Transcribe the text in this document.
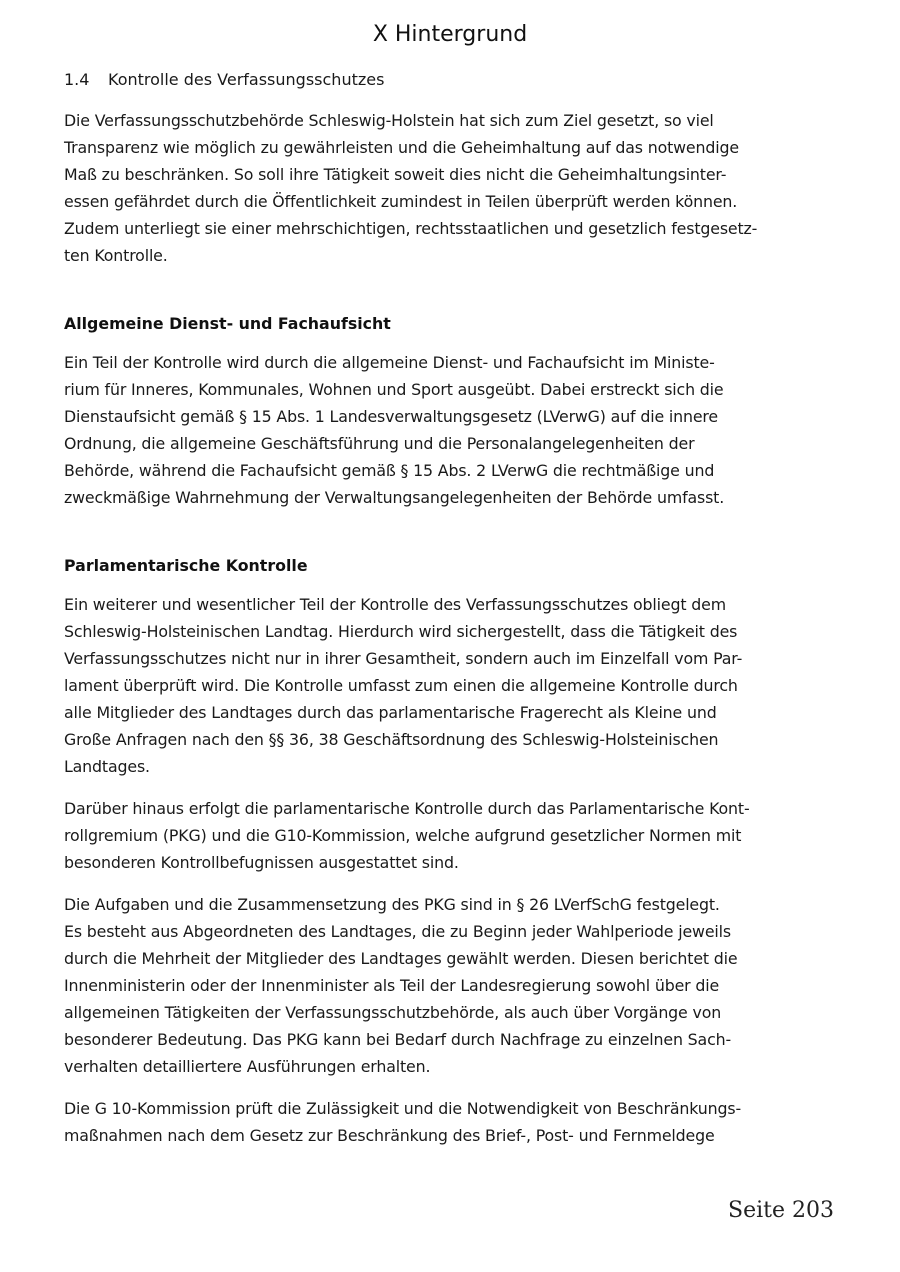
X Hintergrund
1.4 Kontrolle des Verfassungsschutzes

Die Verfassungsschutzbehörde Schleswig-Holstein hat sich zum Ziel gesetzt, so viel
Transparenz wie möglich zu gewährleisten und die Geheimhaltung auf das notwendige
Maß zu beschränken. So soll ihre Tätigkeit soweit dies nicht die Geheimhaltungsinter-
essen gefährdet durch die Öffentlichkeit zumindest in Teilen überprüft werden können.
Zudem unterliegt sie einer mehrschichtigen, rechtsstaatlichen und gesetzlich festgesetz-
ten Kontrolle.

Allgemeine Dienst- und Fachaufsicht

Ein Teil der Kontrolle wird durch die allgemeine Dienst- und Fachaufsicht im Ministe-
rium für Inneres, Kommunales, Wohnen und Sport ausgeübt. Dabei erstreckt sich die
Dienstaufsicht gemäß § 15 Abs. 1 Landesverwaltungsgesetz (LVerwG) auf die innere
Ordnung, die allgemeine Geschäftsführung und die Personalangelegenheiten der
Behörde, während die Fachaufsicht gemäß § 15 Abs. 2 LVerwG die rechtmäßige und
zweckmäßige Wahrnehmung der Verwaltungsangelegenheiten der Behörde umfasst.

Parlamentarische Kontrolle

Ein weiterer und wesentlicher Teil der Kontrolle des Verfassungsschutzes obliegt dem
Schleswig-Holsteinischen Landtag. Hierdurch wird sichergestellt, dass die Tätigkeit des
Verfassungsschutzes nicht nur in ihrer Gesamtheit, sondern auch im Einzelfall vom Par-
lament überprüft wird. Die Kontrolle umfasst zum einen die allgemeine Kontrolle durch
alle Mitglieder des Landtages durch das parlamentarische Fragerecht als Kleine und
Große Anfragen nach den §§ 36, 38 Geschäftsordnung des Schleswig-Holsteinischen
Landtages.

Darüber hinaus erfolgt die parlamentarische Kontrolle durch das Parlamentarische Kont-
rollgremium (PKG) und die G10-Kommission, welche aufgrund gesetzlicher Normen mit
besonderen Kontrollbefugnissen ausgestattet sind.

Die Aufgaben und die Zusammensetzung des PKG sind in § 26 LVerfSchG festgelegt.
Es besteht aus Abgeordneten des Landtages, die zu Beginn jeder Wahlperiode jeweils
durch die Mehrheit der Mitglieder des Landtages gewählt werden. Diesen berichtet die
Innenministerin oder der Innenminister als Teil der Landesregierung sowohl über die
allgemeinen Tätigkeiten der Verfassungsschutzbehörde, als auch über Vorgänge von
besonderer Bedeutung. Das PKG kann bei Bedarf durch Nachfrage zu einzelnen Sach-
verhalten detailliertere Ausführungen erhalten.

Die G 10-Kommission prüft die Zulässigkeit und die Notwendigkeit von Beschränkungs-
maßnahmen nach dem Gesetz zur Beschränkung des Brief-, Post- und Fernmeldege

Seite 203
